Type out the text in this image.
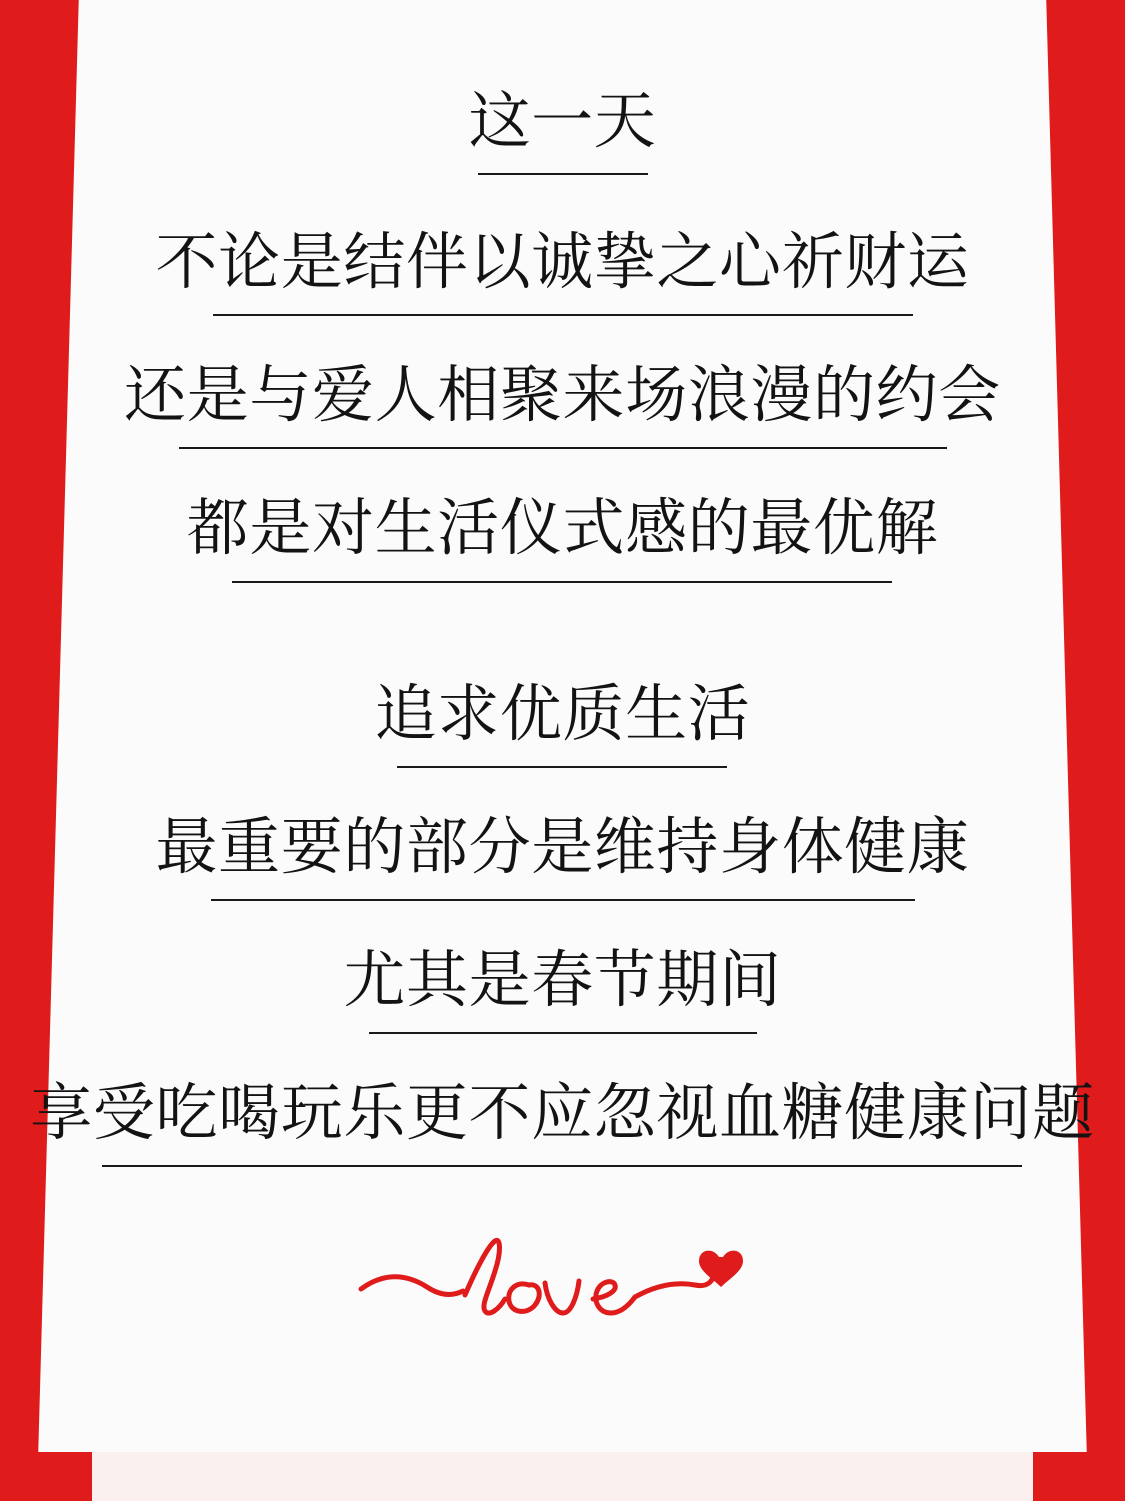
这一天
不论是结伴以诚挚之心祈财运
还是与爱人相聚来场浪漫的约会
都是对生活仪式感的最优解
追求优质生活
最重要的部分是维持身体健康
尤其是春节期间
享受吃喝玩乐更不应忽视血糖健康问题
